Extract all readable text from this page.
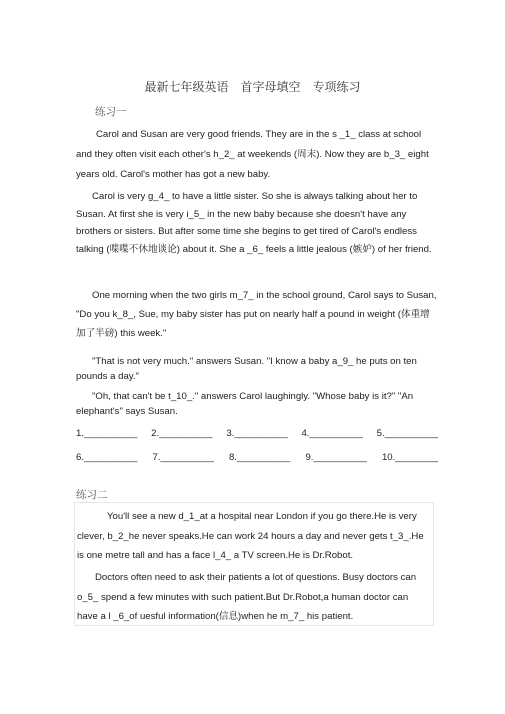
最新七年级英语　首字母填空　专项练习
练习一
Carol and Susan are very good friends. They are in the s _1_ class at school and they often visit each other's h_2_ at weekends (周末). Now they are b_3_ eight years old. Carol's mother has got a new baby.
Carol is very g_4_ to have a little sister. So she is always talking about her to Susan. At first she is very i_5_ in the new baby because she doesn't have any brothers or sisters. But after some time she begins to get tired of Carol's endless talking (喋喋不休地谈论) about it. She a _6_ feels a little jealous (嫉妒) of her friend.
One morning when the two girls m_7_ in the school ground, Carol says to Susan, "Do you k_8_, Sue, my baby sister has put on nearly half a pound in weight (体重增加了半磅) this week."
"That is not very much." answers Susan. "I know a baby a_9_ he puts on ten pounds a day."
"Oh, that can't be t_10_." answers Carol laughingly. "Whose baby is it?" "An elephant's" says Susan.
1.__________ 2.__________ 3.__________ 4.__________ 5.__________
6.__________ 7.__________ 8.__________ 9.__________ 10.________
练习二
You'll see a new d_1_at a hospital near London if you go there.He is very clever, b_2_he never speaks.He can work 24 hours a day and never gets t_3_.He is one metre tall and has a face l_4_ a TV screen.He is Dr.Robot.
Doctors often need to ask their patients a lot of questions. Busy doctors can o_5_ spend a few minutes with such patient.But Dr.Robot,a human doctor can have a l _6_of uesful information(信息)when he m_7_ his patient.
